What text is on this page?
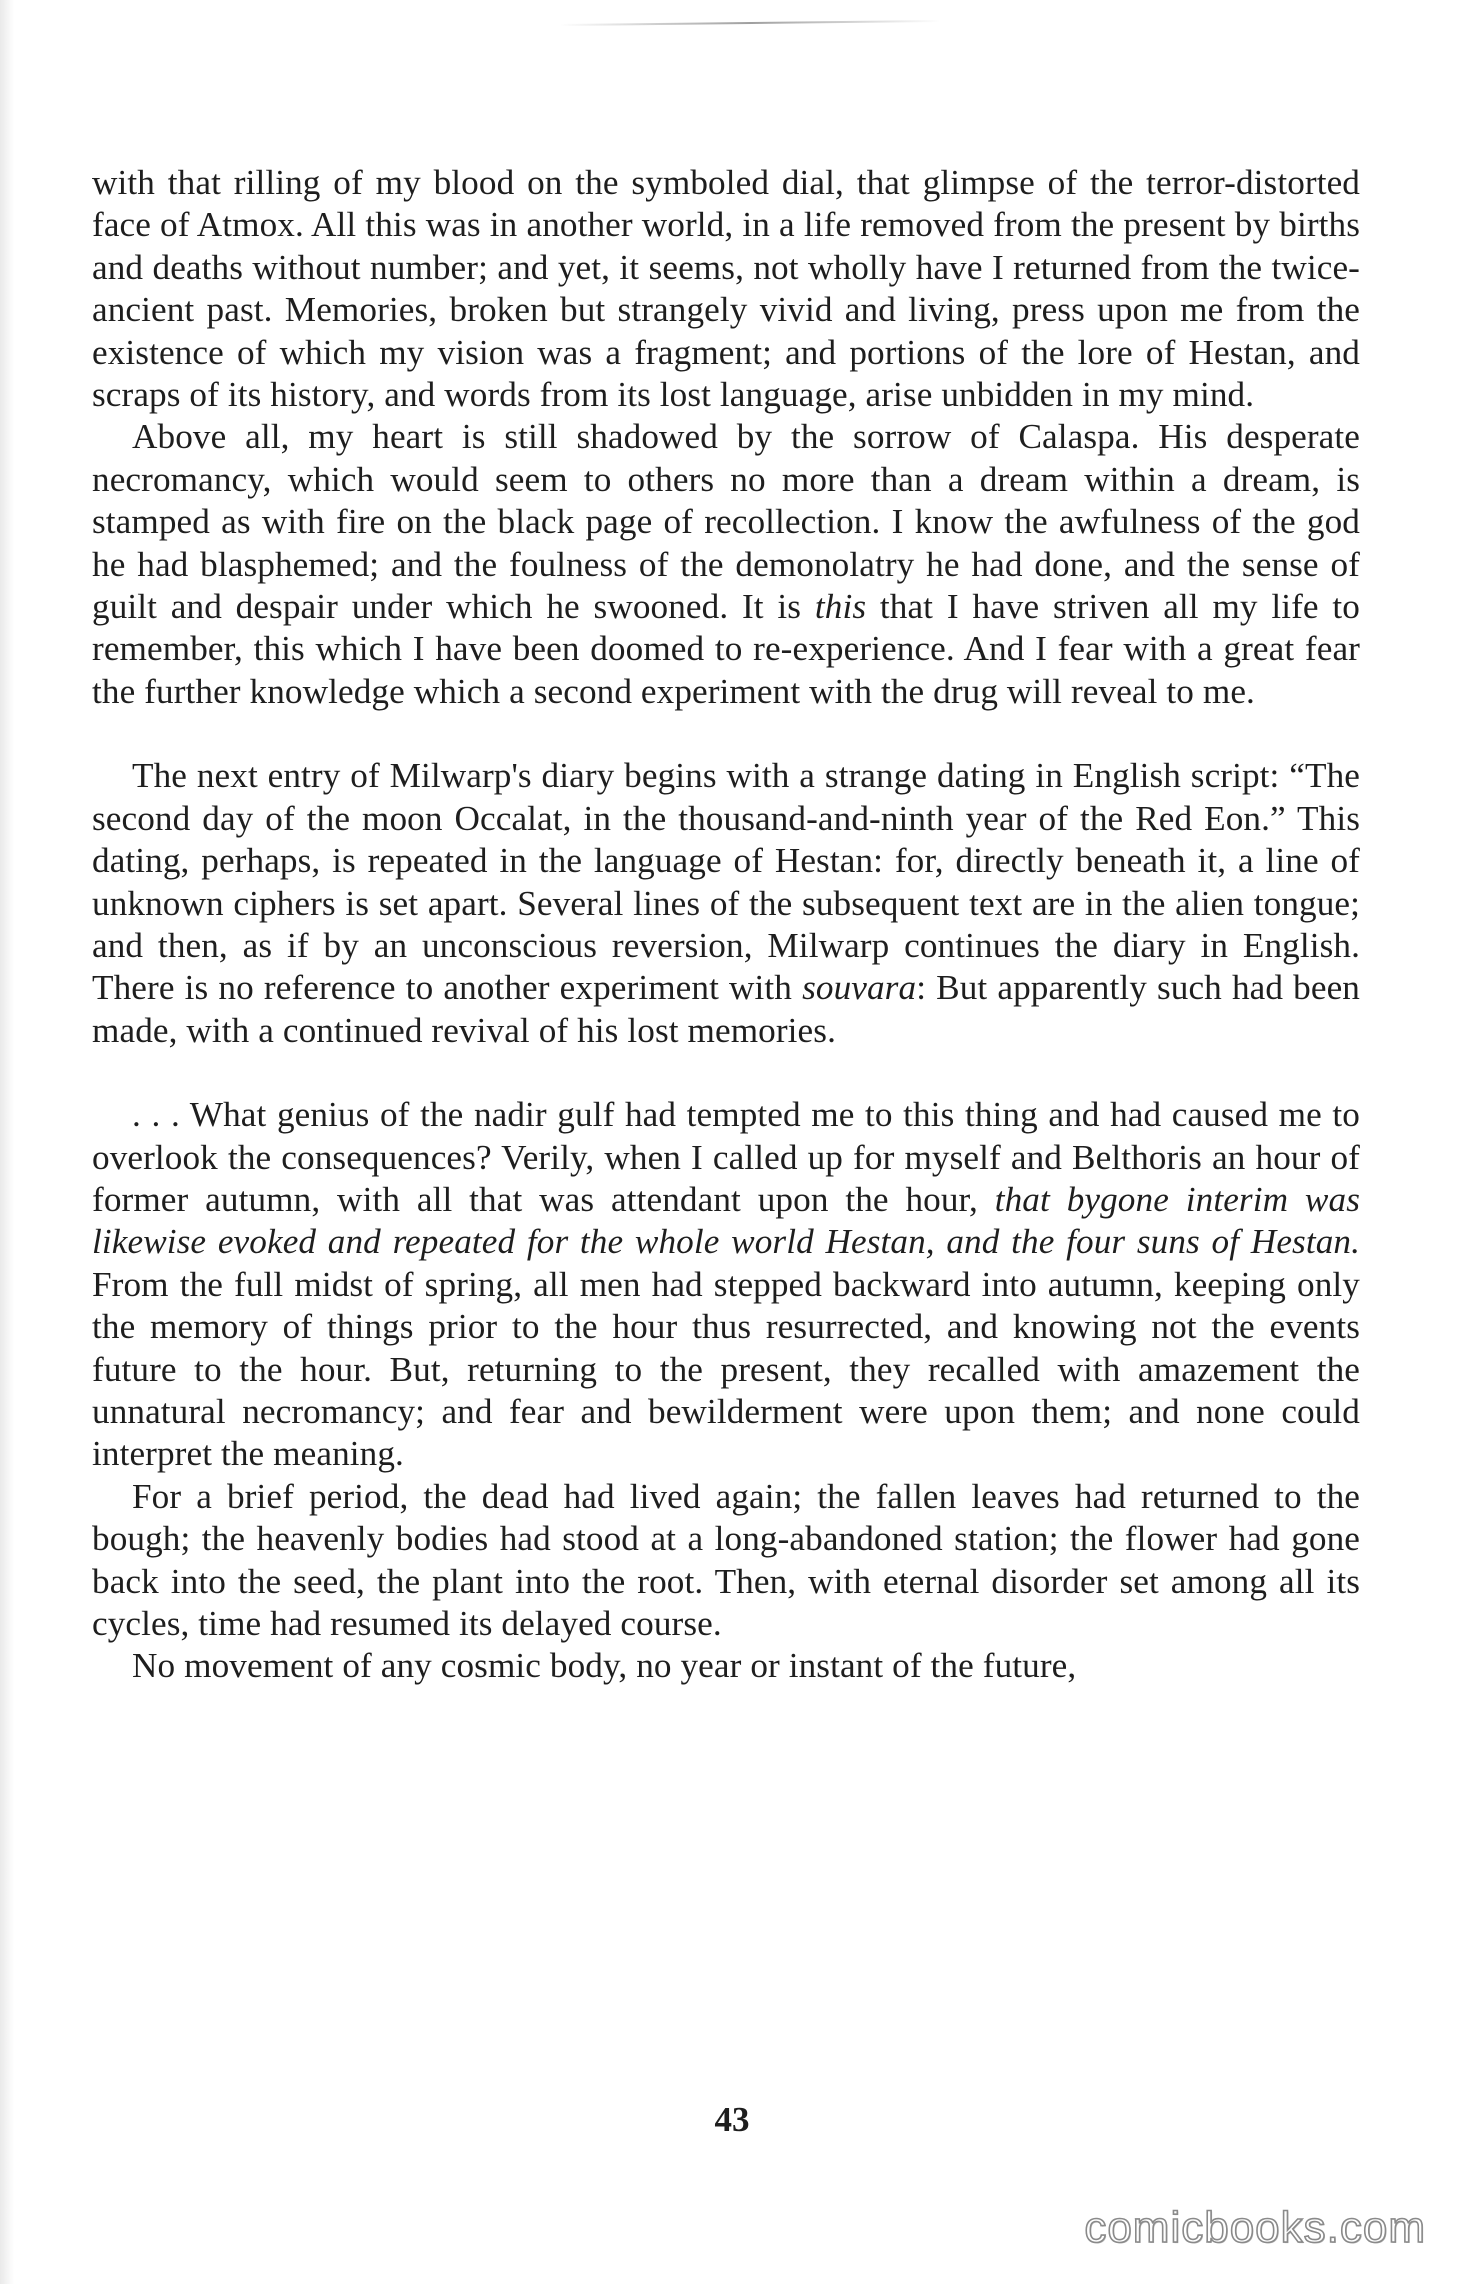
with that rilling of my blood on the symboled dial, that glimpse of the terror-distorted face of Atmox. All this was in another world, in a life removed from the present by births and deaths without number; and yet, it seems, not wholly have I returned from the twice-ancient past. Memories, broken but strangely vivid and living, press upon me from the existence of which my vision was a fragment; and portions of the lore of Hestan, and scraps of its history, and words from its lost language, arise unbidden in my mind.

Above all, my heart is still shadowed by the sorrow of Calaspa. His desperate necromancy, which would seem to others no more than a dream within a dream, is stamped as with fire on the black page of recollection. I know the awfulness of the god he had blasphemed; and the foulness of the demonolatry he had done, and the sense of guilt and despair under which he swooned. It is this that I have striven all my life to remember, this which I have been doomed to re-experience. And I fear with a great fear the further knowledge which a second experiment with the drug will reveal to me.

The next entry of Milwarp's diary begins with a strange dating in English script: “The second day of the moon Occalat, in the thousand-and-ninth year of the Red Eon.” This dating, perhaps, is repeated in the language of Hestan: for, directly beneath it, a line of unknown ciphers is set apart. Several lines of the subsequent text are in the alien tongue; and then, as if by an unconscious reversion, Milwarp continues the diary in English. There is no reference to another experiment with souvara: But apparently such had been made, with a continued revival of his lost memories.

. . . What genius of the nadir gulf had tempted me to this thing and had caused me to overlook the consequences? Verily, when I called up for myself and Belthoris an hour of former autumn, with all that was attendant upon the hour, that bygone interim was likewise evoked and repeated for the whole world Hestan, and the four suns of Hestan. From the full midst of spring, all men had stepped backward into autumn, keeping only the memory of things prior to the hour thus resurrected, and knowing not the events future to the hour. But, returning to the present, they recalled with amazement the unnatural necromancy; and fear and bewilderment were upon them; and none could interpret the meaning.

For a brief period, the dead had lived again; the fallen leaves had returned to the bough; the heavenly bodies had stood at a long-abandoned station; the flower had gone back into the seed, the plant into the root. Then, with eternal disorder set among all its cycles, time had resumed its delayed course.

No movement of any cosmic body, no year or instant of the future,

43
comicbooks.com
